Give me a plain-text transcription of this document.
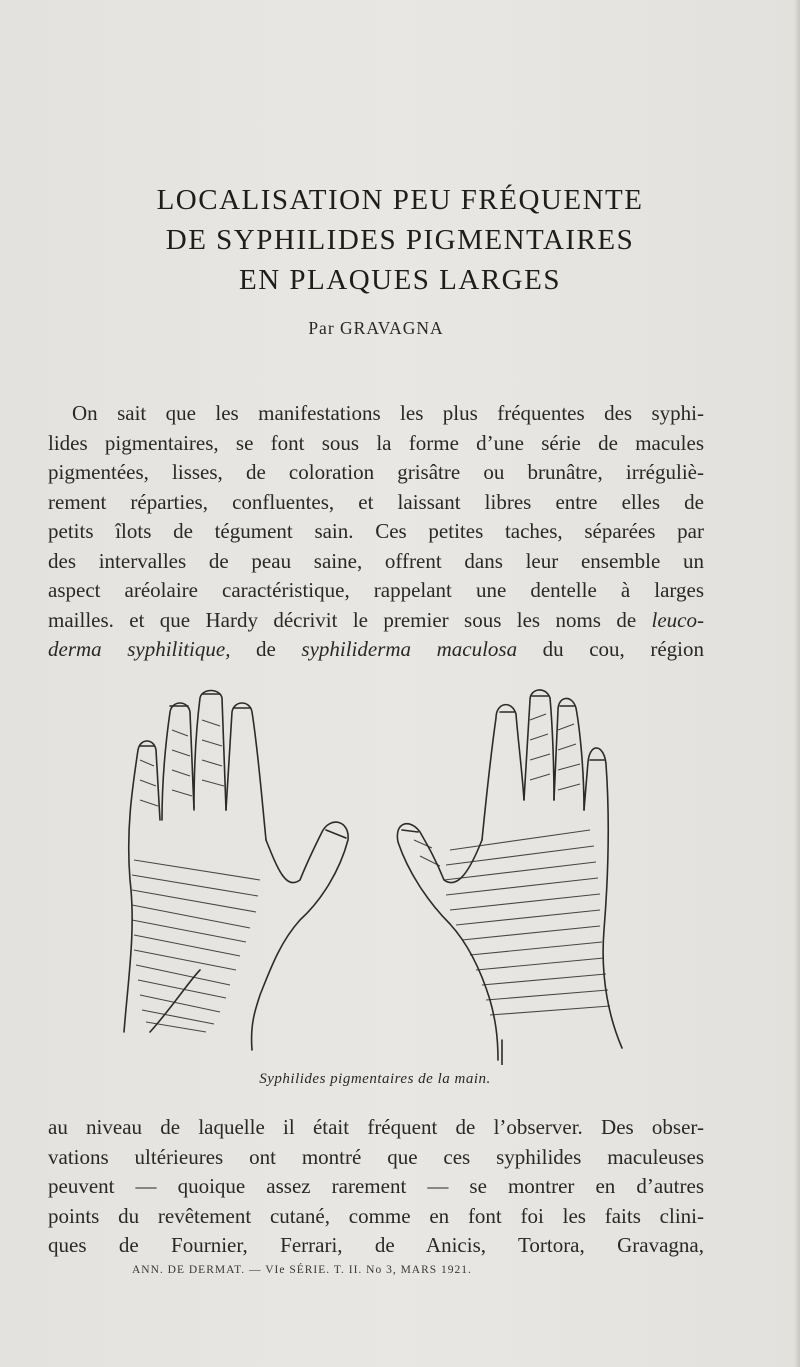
LOCALISATION PEU FRÉQUENTE
DE SYPHILIDES PIGMENTAIRES
EN PLAQUES LARGES
Par GRAVAGNA
On sait que les manifestations les plus fréquentes des syphi-
lides pigmentaires, se font sous la forme d’une série de macules
pigmentées, lisses, de coloration grisâtre ou brunâtre, irréguliè-
rement réparties, confluentes, et laissant libres entre elles de
petits îlots de tégument sain. Ces petites taches, séparées par
des intervalles de peau saine, offrent dans leur ensemble un
aspect aréolaire caractéristique, rappelant une dentelle à larges
mailles. et que Hardy décrivit le premier sous les noms de leuco-
derma syphilitique, de syphiliderma maculosa du cou, région
Syphilides pigmentaires de la main.
au niveau de laquelle il était fréquent de l’observer. Des obser-
vations ultérieures ont montré que ces syphilides maculeuses
peuvent — quoique assez rarement — se montrer en d’autres
points du revêtement cutané, comme en font foi les faits clini-
ques de Fournier, Ferrari, de Anicis, Tortora, Gravagna,
ANN. DE DERMAT. — VIe SÉRIE. T. II. No 3, MARS 1921.
